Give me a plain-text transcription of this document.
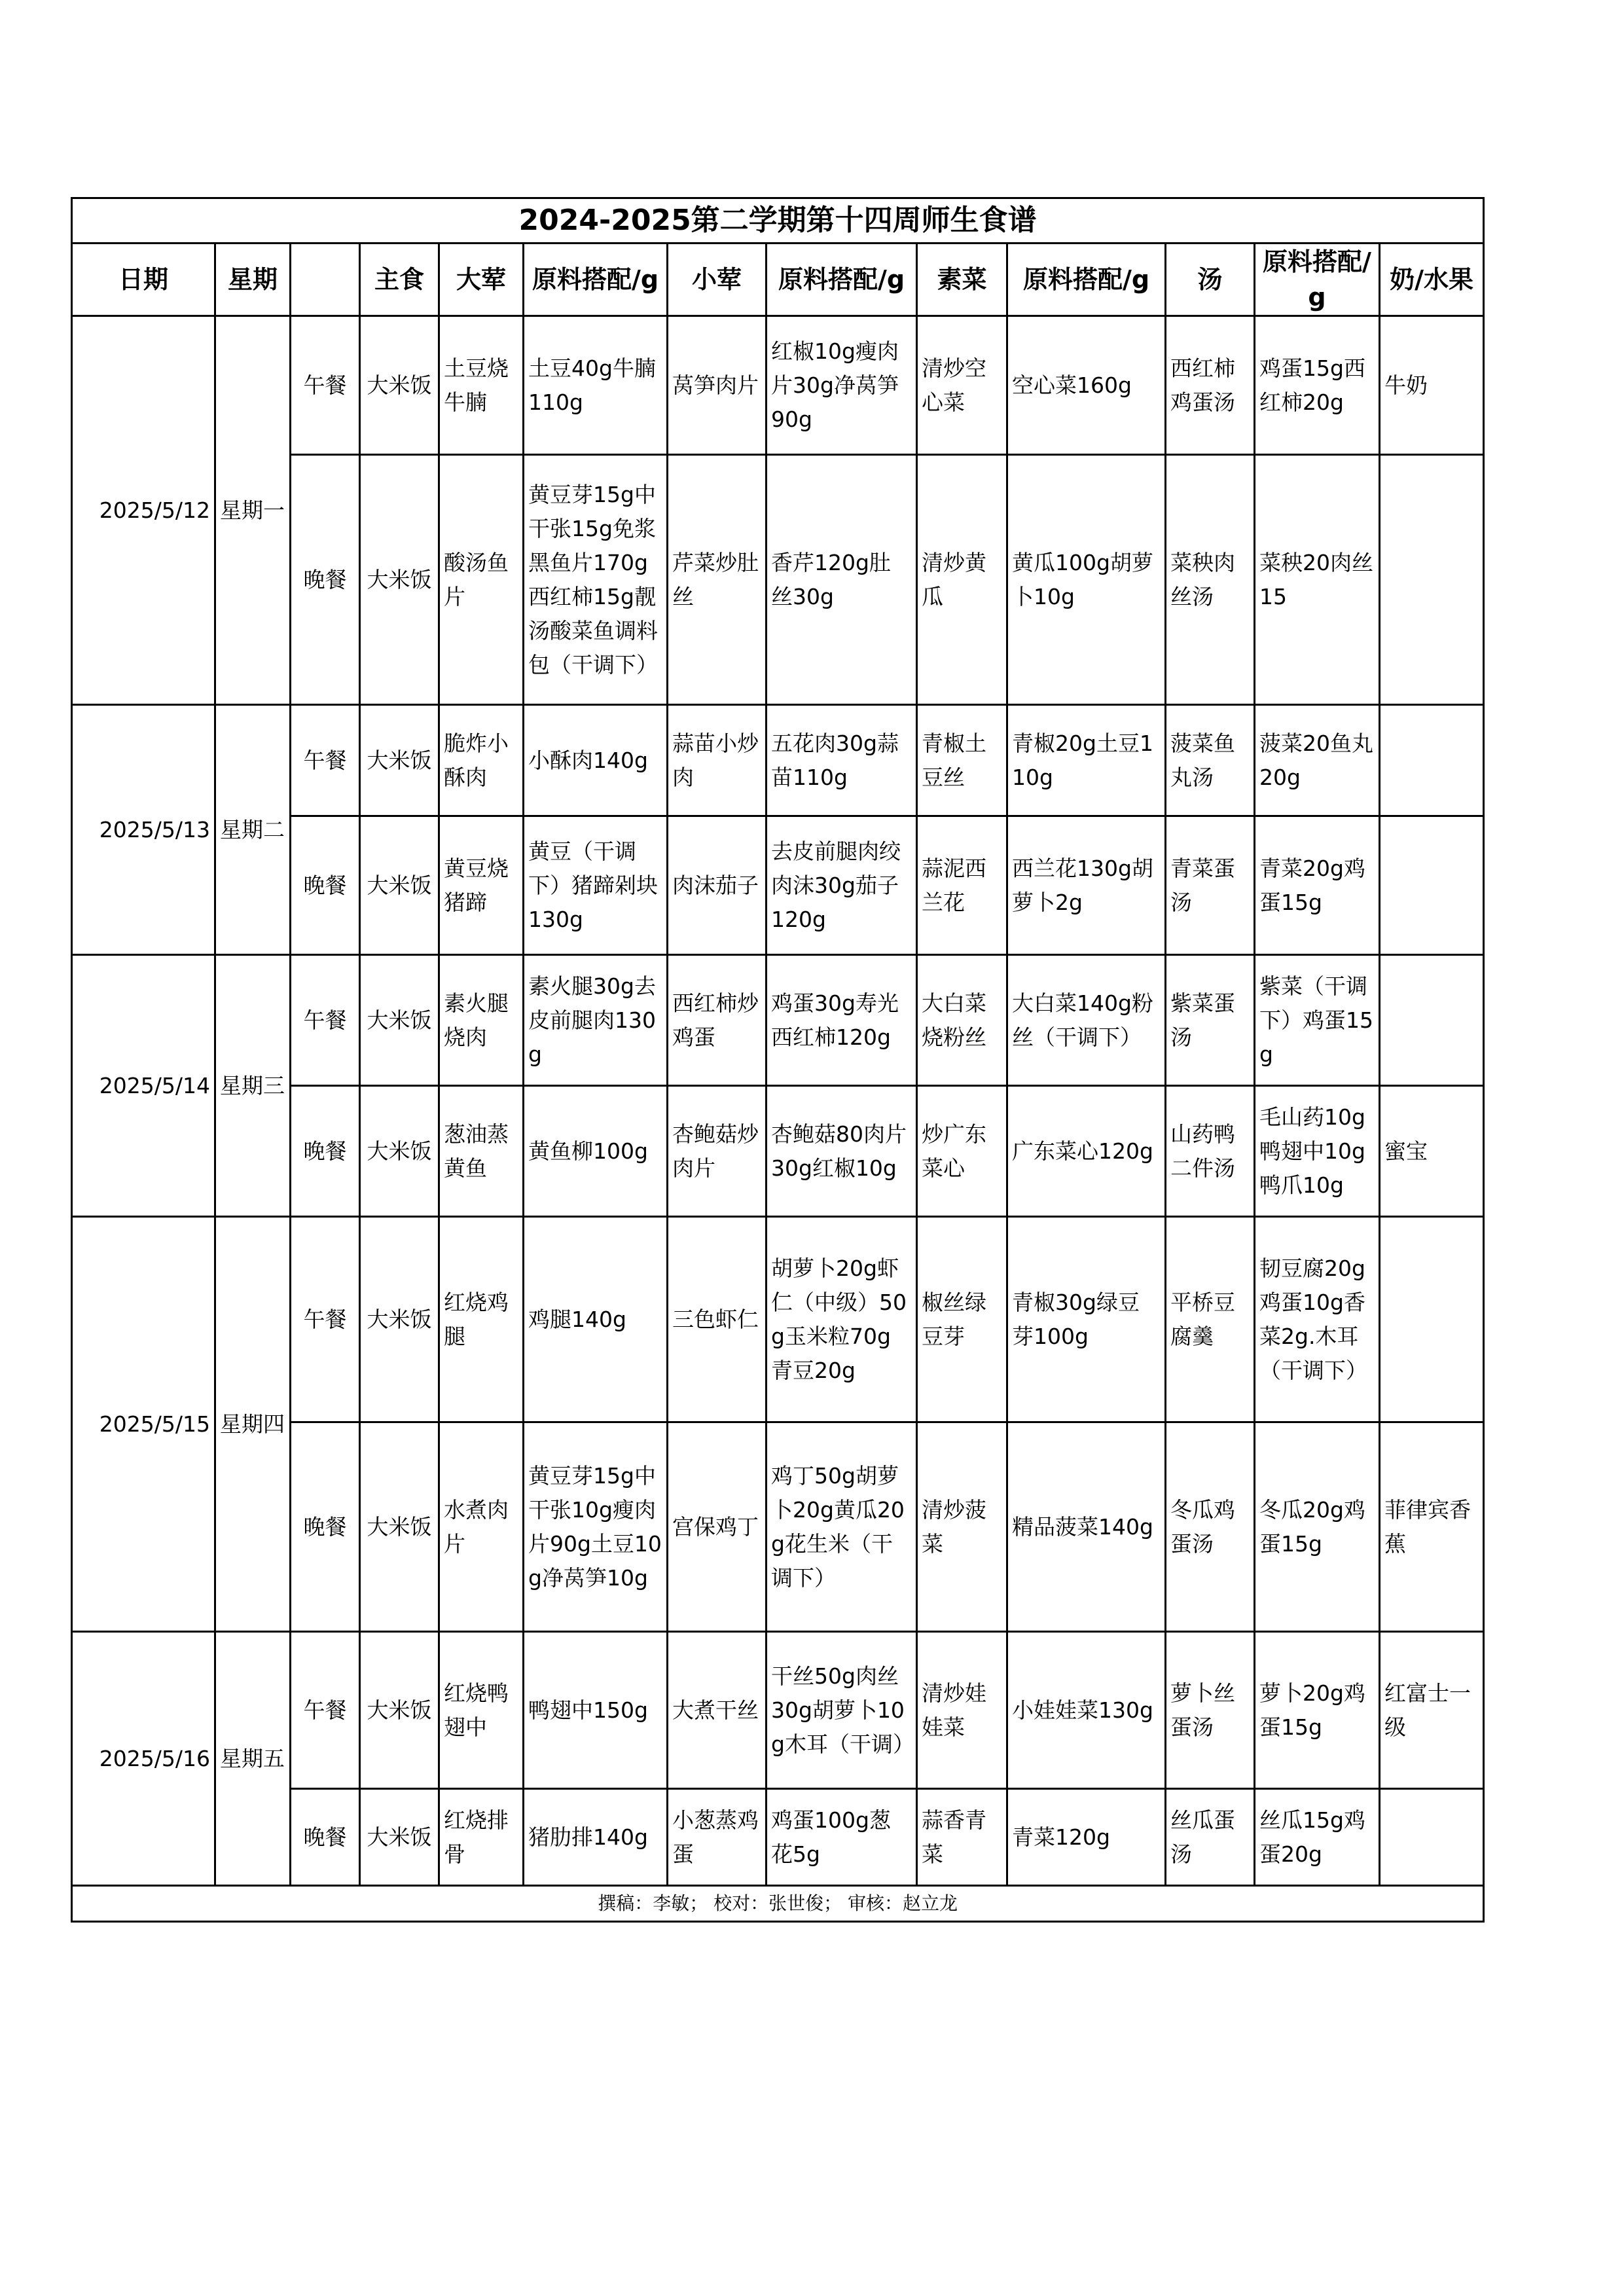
2024-2025第二学期第十四周师生食谱												
日期	星期		主食	大荤	原料搭配/g	小荤	原料搭配/g	素菜	原料搭配/g	汤	原料搭配/g	奶/水果
2025/5/12	星期一	午餐	大米饭	土豆烧牛腩	土豆40g牛腩110g	莴笋肉片	红椒10g瘦肉片30g净莴笋90g	清炒空心菜	空心菜160g	西红柿鸡蛋汤	鸡蛋15g西红柿20g	牛奶
		晚餐	大米饭	酸汤鱼片	黄豆芽15g中干张15g免浆黑鱼片170g西红柿15g靓汤酸菜鱼调料包（干调下）	芹菜炒肚丝	香芹120g肚丝30g	清炒黄瓜	黄瓜100g胡萝卜10g	菜秧肉丝汤	菜秧20肉丝15	
2025/5/13	星期二	午餐	大米饭	脆炸小酥肉	小酥肉140g	蒜苗小炒肉	五花肉30g蒜苗110g	青椒土豆丝	青椒20g土豆110g	菠菜鱼丸汤	菠菜20鱼丸20g	
		晚餐	大米饭	黄豆烧猪蹄	黄豆（干调下）猪蹄剁块130g	肉沫茄子	去皮前腿肉绞肉沫30g茄子120g	蒜泥西兰花	西兰花130g胡萝卜2g	青菜蛋汤	青菜20g鸡蛋15g	
2025/5/14	星期三	午餐	大米饭	素火腿烧肉	素火腿30g去皮前腿肉130g	西红柿炒鸡蛋	鸡蛋30g寿光西红柿120g	大白菜烧粉丝	大白菜140g粉丝（干调下）	紫菜蛋汤	紫菜（干调下）鸡蛋15g	
		晚餐	大米饭	葱油蒸黄鱼	黄鱼柳100g	杏鲍菇炒肉片	杏鲍菇80肉片30g红椒10g	炒广东菜心	广东菜心120g	山药鸭二件汤	毛山药10g鸭翅中10g鸭爪10g	蜜宝
2025/5/15	星期四	午餐	大米饭	红烧鸡腿	鸡腿140g	三色虾仁	胡萝卜20g虾仁（中级）50g玉米粒70g青豆20g	椒丝绿豆芽	青椒30g绿豆芽100g	平桥豆腐羹	韧豆腐20g鸡蛋10g香菜2g.木耳（干调下）	
		晚餐	大米饭	水煮肉片	黄豆芽15g中干张10g瘦肉片90g土豆10g净莴笋10g	宫保鸡丁	鸡丁50g胡萝卜20g黄瓜20g花生米（干调下）	清炒菠菜	精品菠菜140g	冬瓜鸡蛋汤	冬瓜20g鸡蛋15g	菲律宾香蕉
2025/5/16	星期五	午餐	大米饭	红烧鸭翅中	鸭翅中150g	大煮干丝	干丝50g肉丝30g胡萝卜10g木耳（干调）	清炒娃娃菜	小娃娃菜130g	萝卜丝蛋汤	萝卜20g鸡蛋15g	红富士一级
		晚餐	大米饭	红烧排骨	猪肋排140g	小葱蒸鸡蛋	鸡蛋100g葱花5g	蒜香青菜	青菜120g	丝瓜蛋汤	丝瓜15g鸡蛋20g	
撰稿：李敏； 校对：张世俊； 审核：赵立龙												
